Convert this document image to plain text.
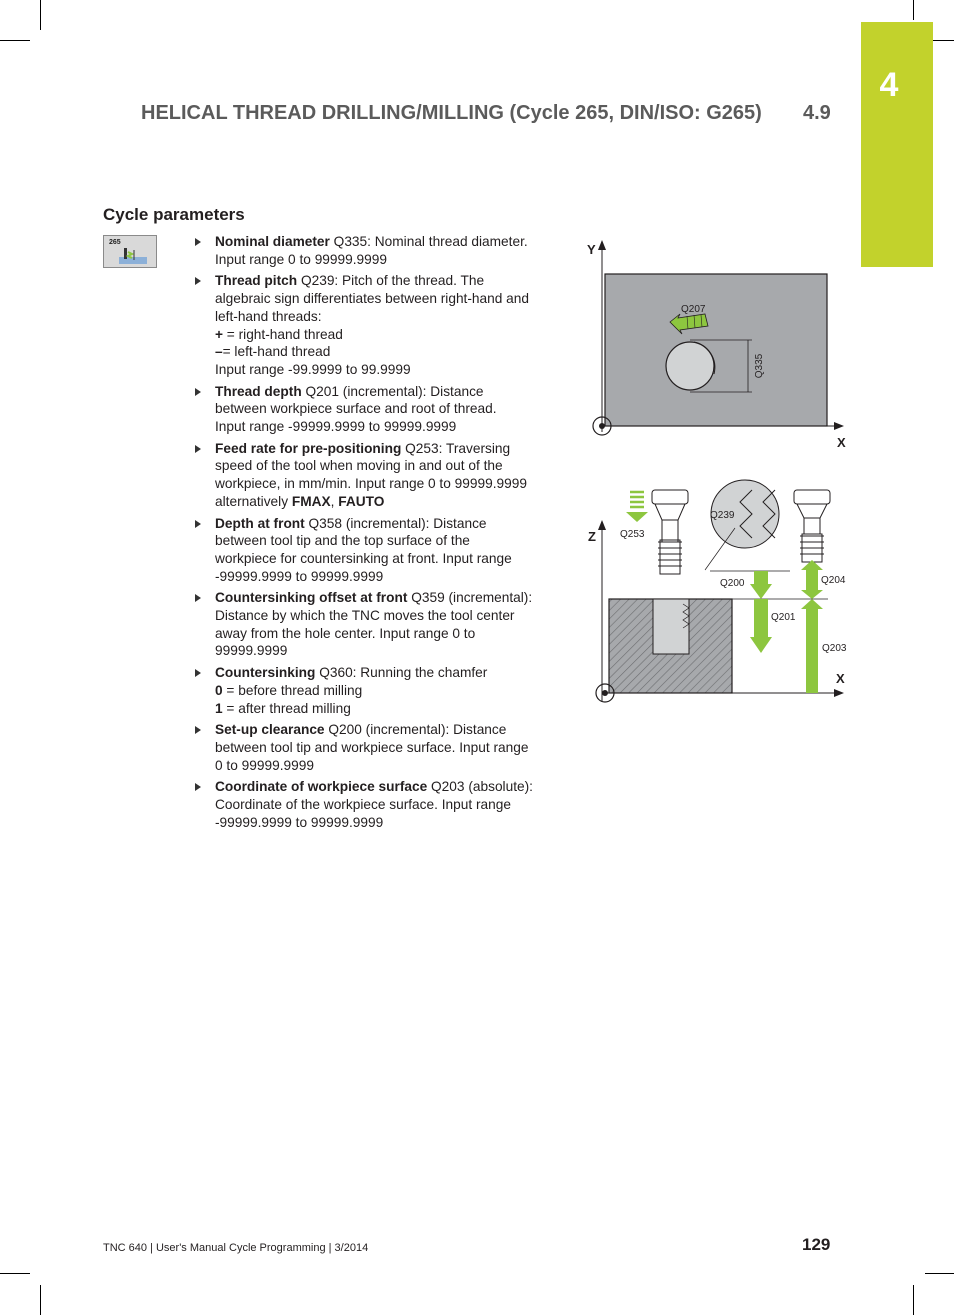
4
HELICAL THREAD DRILLING/MILLING (Cycle 265, DIN/ISO: G265) 4.9
Cycle parameters
265	Nominal diameter Q335: Nominal thread diameter.
Input range 0 to 99999.9999
Thread pitch Q239: Pitch of the thread. The
algebraic sign differentiates between right-hand and
left-hand threads:
+ = right-hand thread
–= left-hand thread
Input range -99.9999 to 99.9999
Thread depth Q201 (incremental): Distance
between workpiece surface and root of thread.
Input range -99999.9999 to 99999.9999
Feed rate for pre-positioning Q253: Traversing
speed of the tool when moving in and out of the
workpiece, in mm/min. Input range 0 to 99999.9999
alternatively FMAX, FAUTO
Depth at front Q358 (incremental): Distance
between tool tip and the top surface of the
workpiece for countersinking at front. Input range
-99999.9999 to 99999.9999
Countersinking offset at front Q359 (incremental):
Distance by which the TNC moves the tool center
away from the hole center. Input range 0 to
99999.9999
Countersinking Q360: Running the chamfer
0 = before thread milling
1 = after thread milling
Set-up clearance Q200 (incremental): Distance
between tool tip and workpiece surface. Input range
0 to 99999.9999
Coordinate of workpiece surface Q203 (absolute):
Coordinate of the workpiece surface. Input range
-99999.9999 to 99999.9999
Y
X
Q335
Q207
Z
X
Q253
Q239
Q200
Q201
Q204
Q203
TNC 640 | User's Manual Cycle Programming | 3/2014	129
